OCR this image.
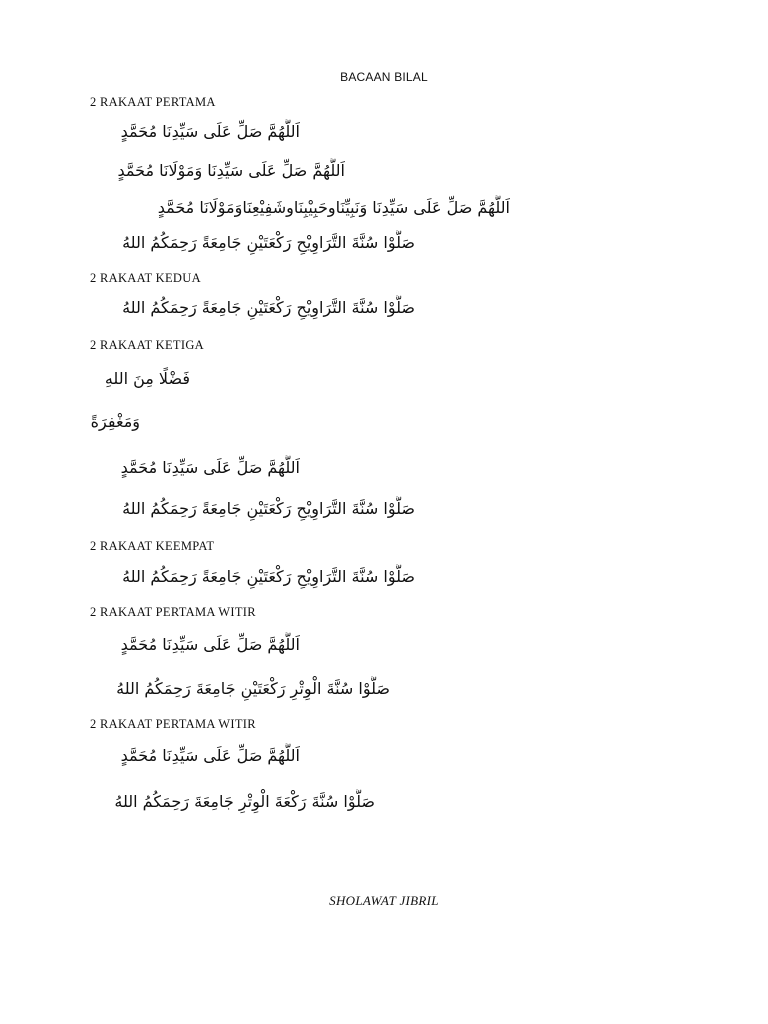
BACAAN BILAL
2 RAKAAT PERTAMA
اَللَّهُمَّ صَلِّ عَلَى سَيِّدِنَا مُحَمَّدٍ
اَللَّهُمَّ صَلِّ عَلَى سَيِّدِنَا وَمَوْلَانَا مُحَمَّدٍ
اَللَّهُمَّ صَلِّ عَلَى سَيِّدِنَا وَنَبِيِّنَاوحَبِيْبِنَاوشَفِيْعِنَاوَمَوْلَانَا مُحَمَّدٍ
صَلُّوْا سُنَّةَ التَّرَاوِيْحِ رَكْعَتَيْنِ جَامِعَةً رَحِمَكُمُ اللهُ
2 RAKAAT KEDUA
صَلُّوْا سُنَّةَ التَّرَاوِيْحِ رَكْعَتَيْنِ جَامِعَةً رَحِمَكُمُ اللهُ
2 RAKAAT KETIGA
فَضْلًا مِنَ اللهِ
وَمَغْفِرَةً
اَللَّهُمَّ صَلِّ عَلَى سَيِّدِنَا مُحَمَّدٍ
صَلُّوْا سُنَّةَ التَّرَاوِيْحِ رَكْعَتَيْنِ جَامِعَةً رَحِمَكُمُ اللهُ
2 RAKAAT KEEMPAT
صَلُّوْا سُنَّةَ التَّرَاوِيْحِ رَكْعَتَيْنِ جَامِعَةً رَحِمَكُمُ اللهُ
2 RAKAAT PERTAMA WITIR
اَللَّهُمَّ صَلِّ عَلَى سَيِّدِنَا مُحَمَّدٍ
صَلُّوْا سُنَّةَ الْوِتْرِ رَكْعَتَيْنِ جَامِعَةَ رَحِمَكُمُ اللهُ
2 RAKAAT PERTAMA WITIR
اَللَّهُمَّ صَلِّ عَلَى سَيِّدِنَا مُحَمَّدٍ
صَلُّوْا سُنَّةَ رَكْعَةَ الْوِتْرِ جَامِعَةَ رَحِمَكُمُ اللهُ
SHOLAWAT JIBRIL
